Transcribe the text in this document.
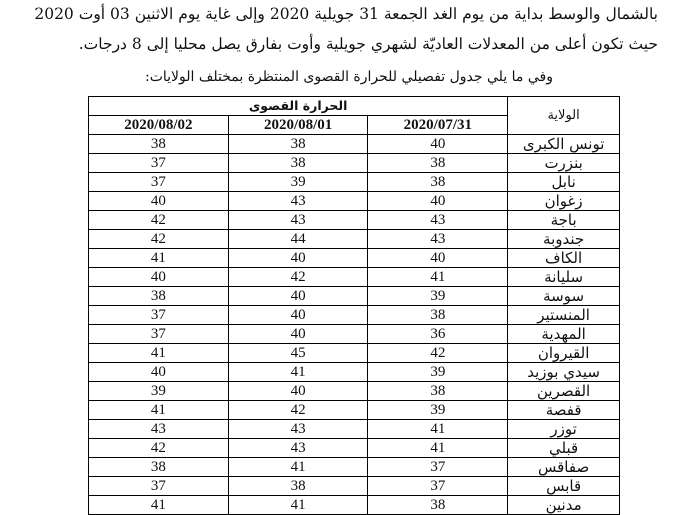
بالشمال والوسط بداية من يوم الغد الجمعة 31 جويلية 2020 وإلى غاية يوم الاثنين 03 أوت 2020

حيث تكون أعلى من المعدلات العاديّة لشهري جويلية وأوت بفارق يصل محليا إلى 8 درجات.

وفي ما يلي جدول تفصيلي للحرارة القصوى المنتظرة بمختلف الولايات:

الولاية	الحرارة القصوى		
	2020/07/31	2020/08/01	2020/08/02
تونس الكبرى	40	38	38
بنزرت	38	38	37
نابل	38	39	37
زغوان	40	43	40
باجة	43	43	42
جندوبة	43	44	42
الكاف	40	40	41
سليانة	41	42	40
سوسة	39	40	38
المنستير	38	40	37
المهدية	36	40	37
القيروان	42	45	41
سيدي بوزيد	39	41	40
القصرين	38	40	39
قفصة	39	42	41
توزر	41	43	43
قبلي	41	43	42
صفاقس	37	41	38
قابس	37	38	37
مدنين	38	41	41
